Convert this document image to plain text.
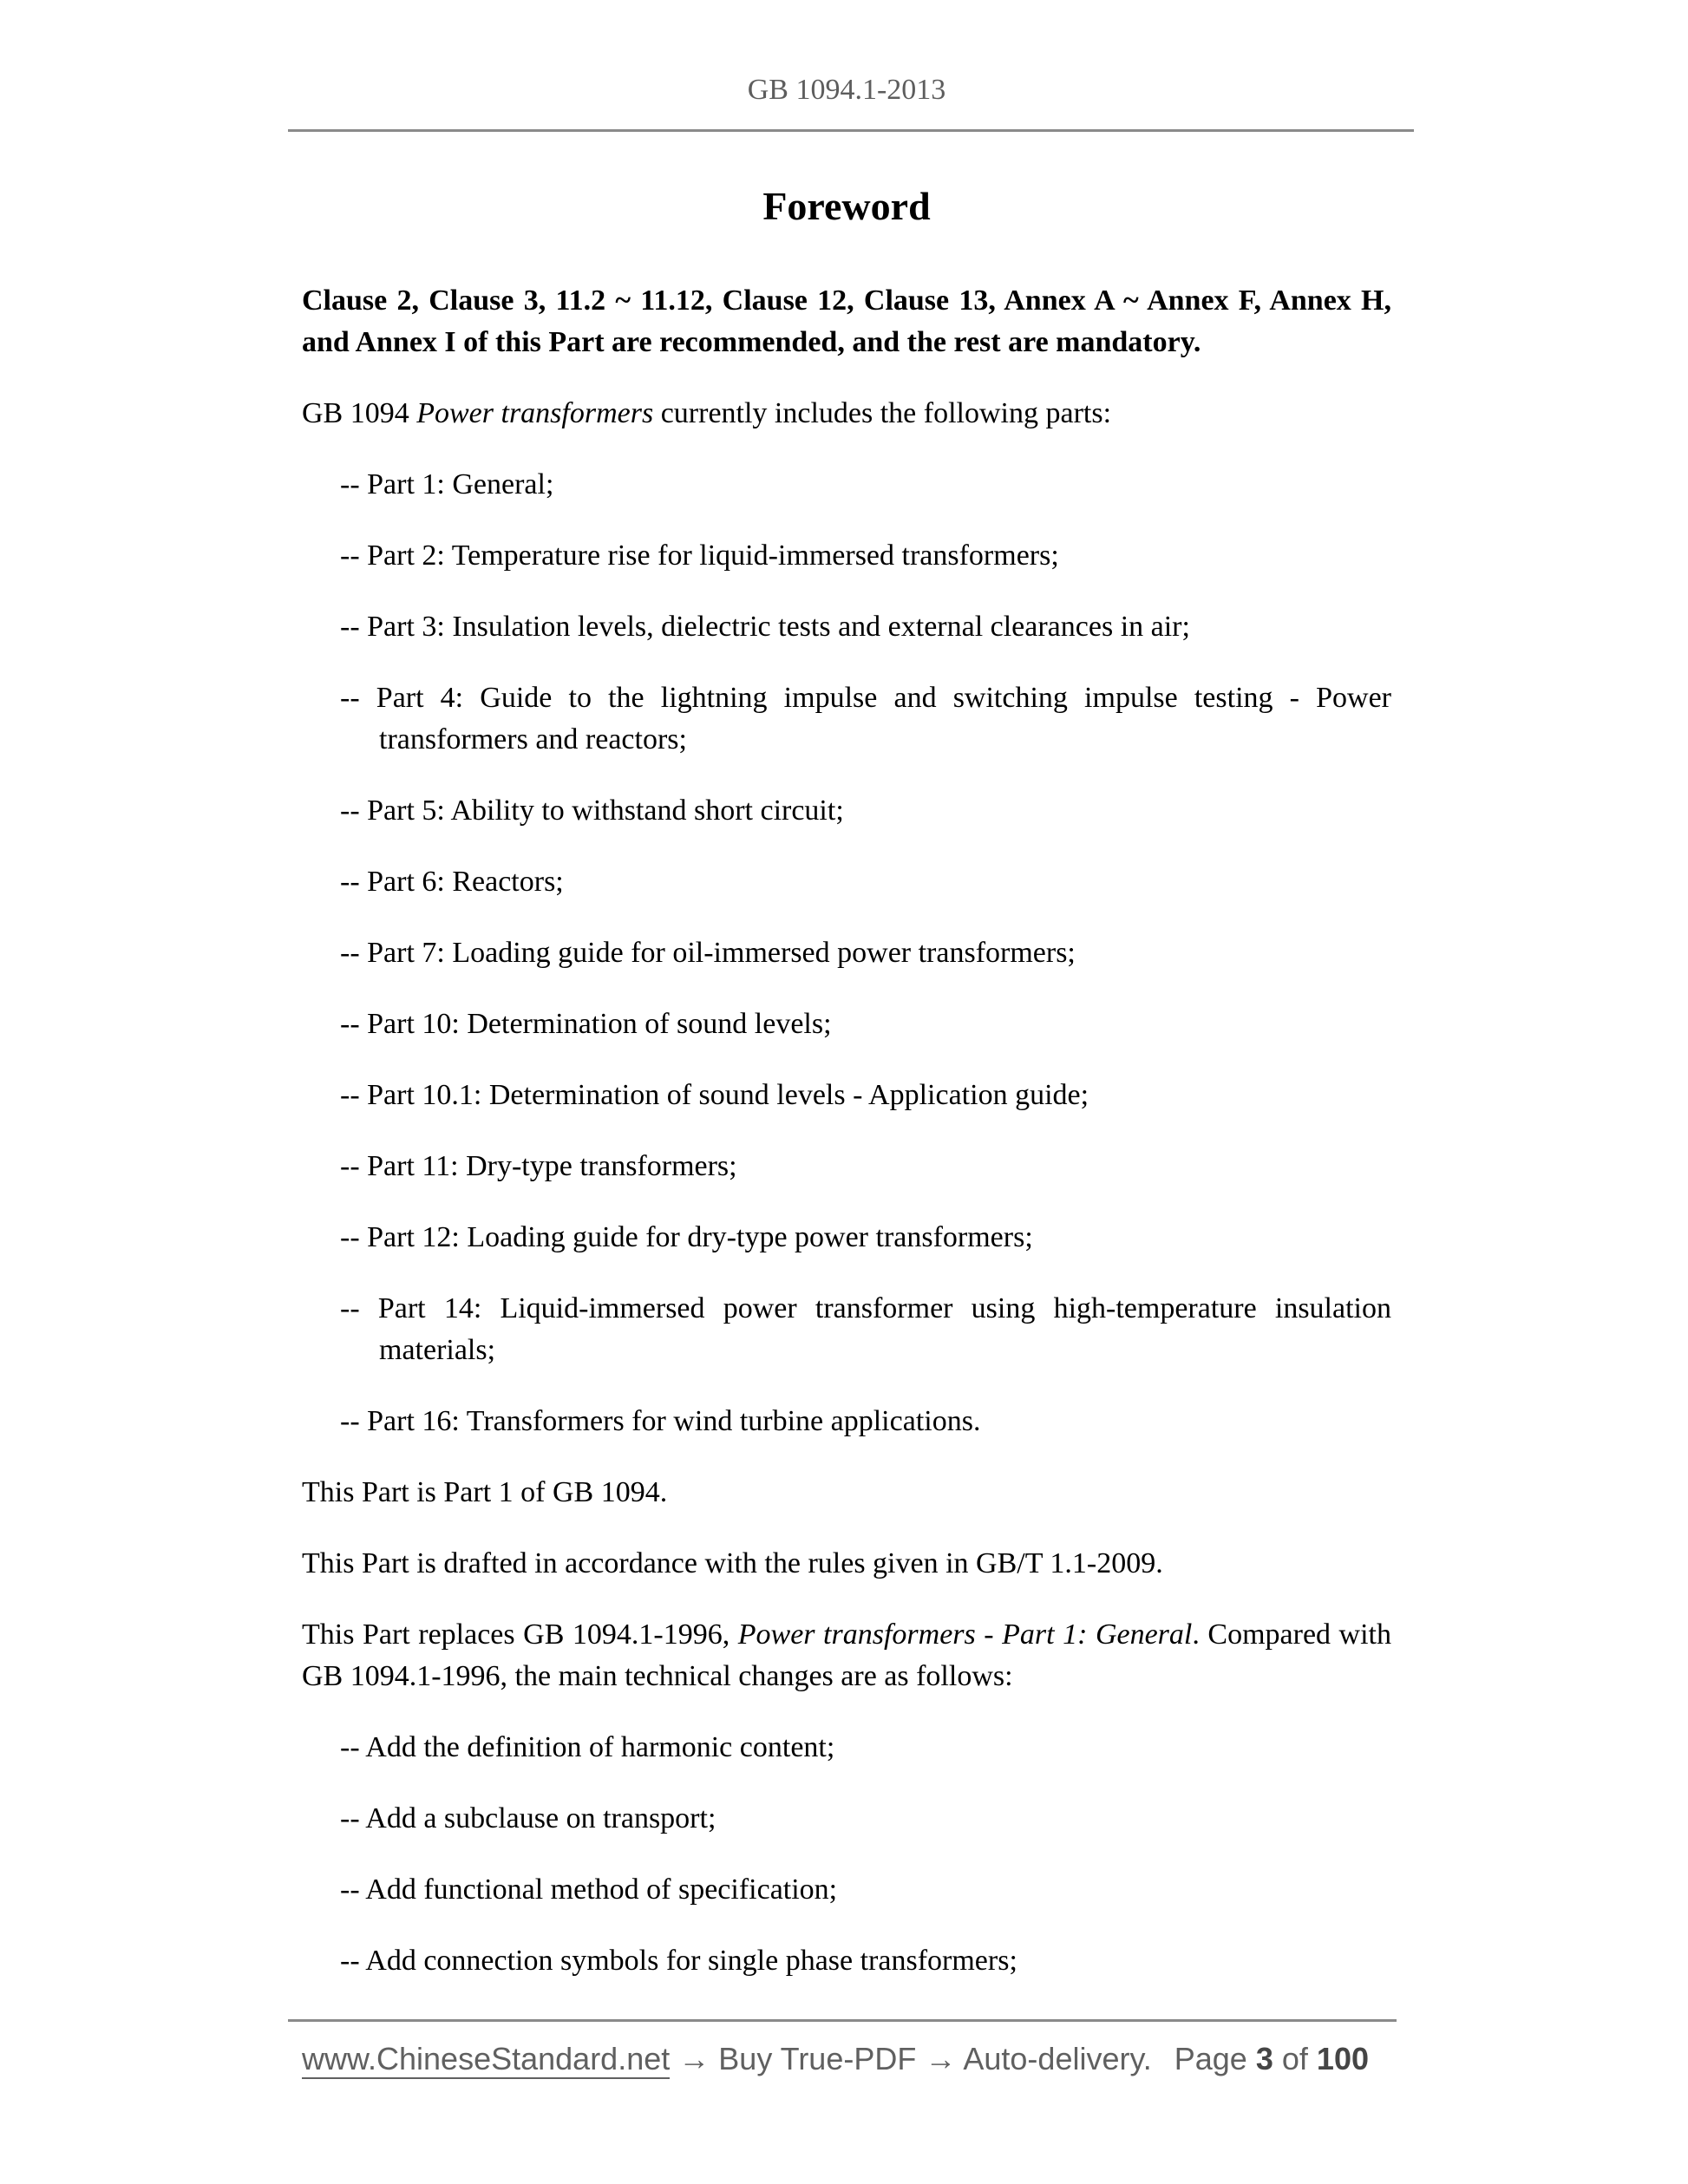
GB 1094.1-2013
Foreword

Clause 2, Clause 3, 11.2 ~ 11.12, Clause 12, Clause 13, Annex A ~ Annex F, Annex H, and Annex I of this Part are recommended, and the rest are mandatory.

GB 1094 Power transformers currently includes the following parts:

-- Part 1: General;
-- Part 2: Temperature rise for liquid-immersed transformers;
-- Part 3: Insulation levels, dielectric tests and external clearances in air;
-- Part 4: Guide to the lightning impulse and switching impulse testing - Power transformers and reactors;
-- Part 5: Ability to withstand short circuit;
-- Part 6: Reactors;
-- Part 7: Loading guide for oil-immersed power transformers;
-- Part 10: Determination of sound levels;
-- Part 10.1: Determination of sound levels - Application guide;
-- Part 11: Dry-type transformers;
-- Part 12: Loading guide for dry-type power transformers;
-- Part 14: Liquid-immersed power transformer using high-temperature insulation materials;
-- Part 16: Transformers for wind turbine applications.

This Part is Part 1 of GB 1094.

This Part is drafted in accordance with the rules given in GB/T 1.1-2009.

This Part replaces GB 1094.1-1996, Power transformers - Part 1: General. Compared with GB 1094.1-1996, the main technical changes are as follows:

-- Add the definition of harmonic content;
-- Add a subclause on transport;
-- Add functional method of specification;
-- Add connection symbols for single phase transformers;
www.ChineseStandard.net → Buy True-PDF → Auto-delivery. Page 3 of 100
